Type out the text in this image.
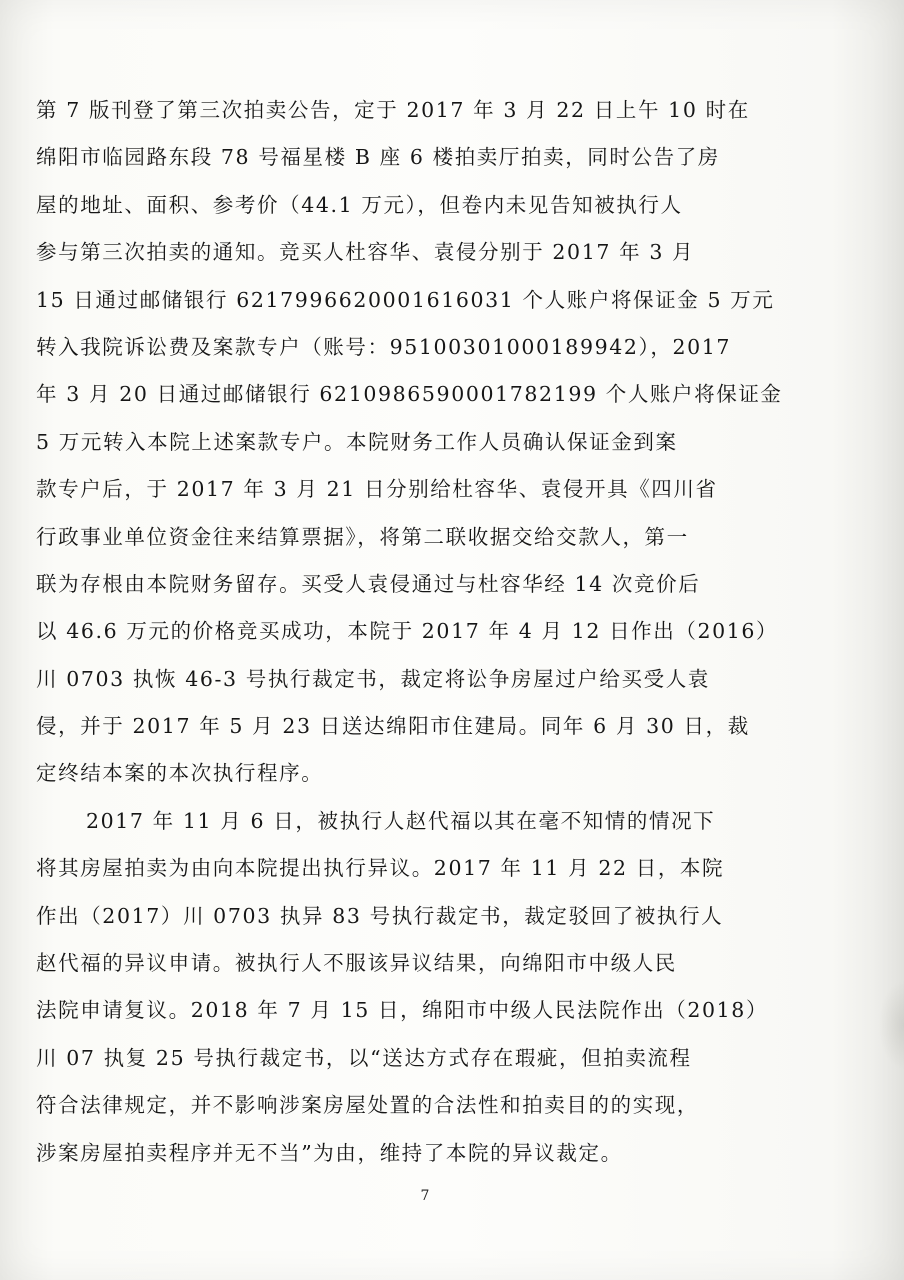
第 7 版刊登了第三次拍卖公告，定于 2017 年 3 月 22 日上午 10 时在
绵阳市临园路东段 78 号福星楼 B 座 6 楼拍卖厅拍卖，同时公告了房
屋的地址、面积、参考价（44.1 万元），但卷内未见告知被执行人
参与第三次拍卖的通知。竞买人杜容华、袁侵分别于 2017 年 3 月
15 日通过邮储银行 6217996620001616031 个人账户将保证金 5 万元
转入我院诉讼费及案款专户（账号：95100301000189942），2017
年 3 月 20 日通过邮储银行 6210986590001782199 个人账户将保证金
5 万元转入本院上述案款专户。本院财务工作人员确认保证金到案
款专户后，于 2017 年 3 月 21 日分别给杜容华、袁侵开具《四川省
行政事业单位资金往来结算票据》，将第二联收据交给交款人，第一
联为存根由本院财务留存。买受人袁侵通过与杜容华经 14 次竞价后
以 46.6 万元的价格竞买成功，本院于 2017 年 4 月 12 日作出（2016）
川 0703 执恢 46-3 号执行裁定书，裁定将讼争房屋过户给买受人袁
侵，并于 2017 年 5 月 23 日送达绵阳市住建局。同年 6 月 30 日，裁
定终结本案的本次执行程序。
2017 年 11 月 6 日，被执行人赵代福以其在毫不知情的情况下
将其房屋拍卖为由向本院提出执行异议。2017 年 11 月 22 日，本院
作出（2017）川 0703 执异 83 号执行裁定书，裁定驳回了被执行人
赵代福的异议申请。被执行人不服该异议结果，向绵阳市中级人民
法院申请复议。2018 年 7 月 15 日，绵阳市中级人民法院作出（2018）
川 07 执复 25 号执行裁定书，以“送达方式存在瑕疵，但拍卖流程
符合法律规定，并不影响涉案房屋处置的合法性和拍卖目的的实现，
涉案房屋拍卖程序并无不当”为由，维持了本院的异议裁定。
7
